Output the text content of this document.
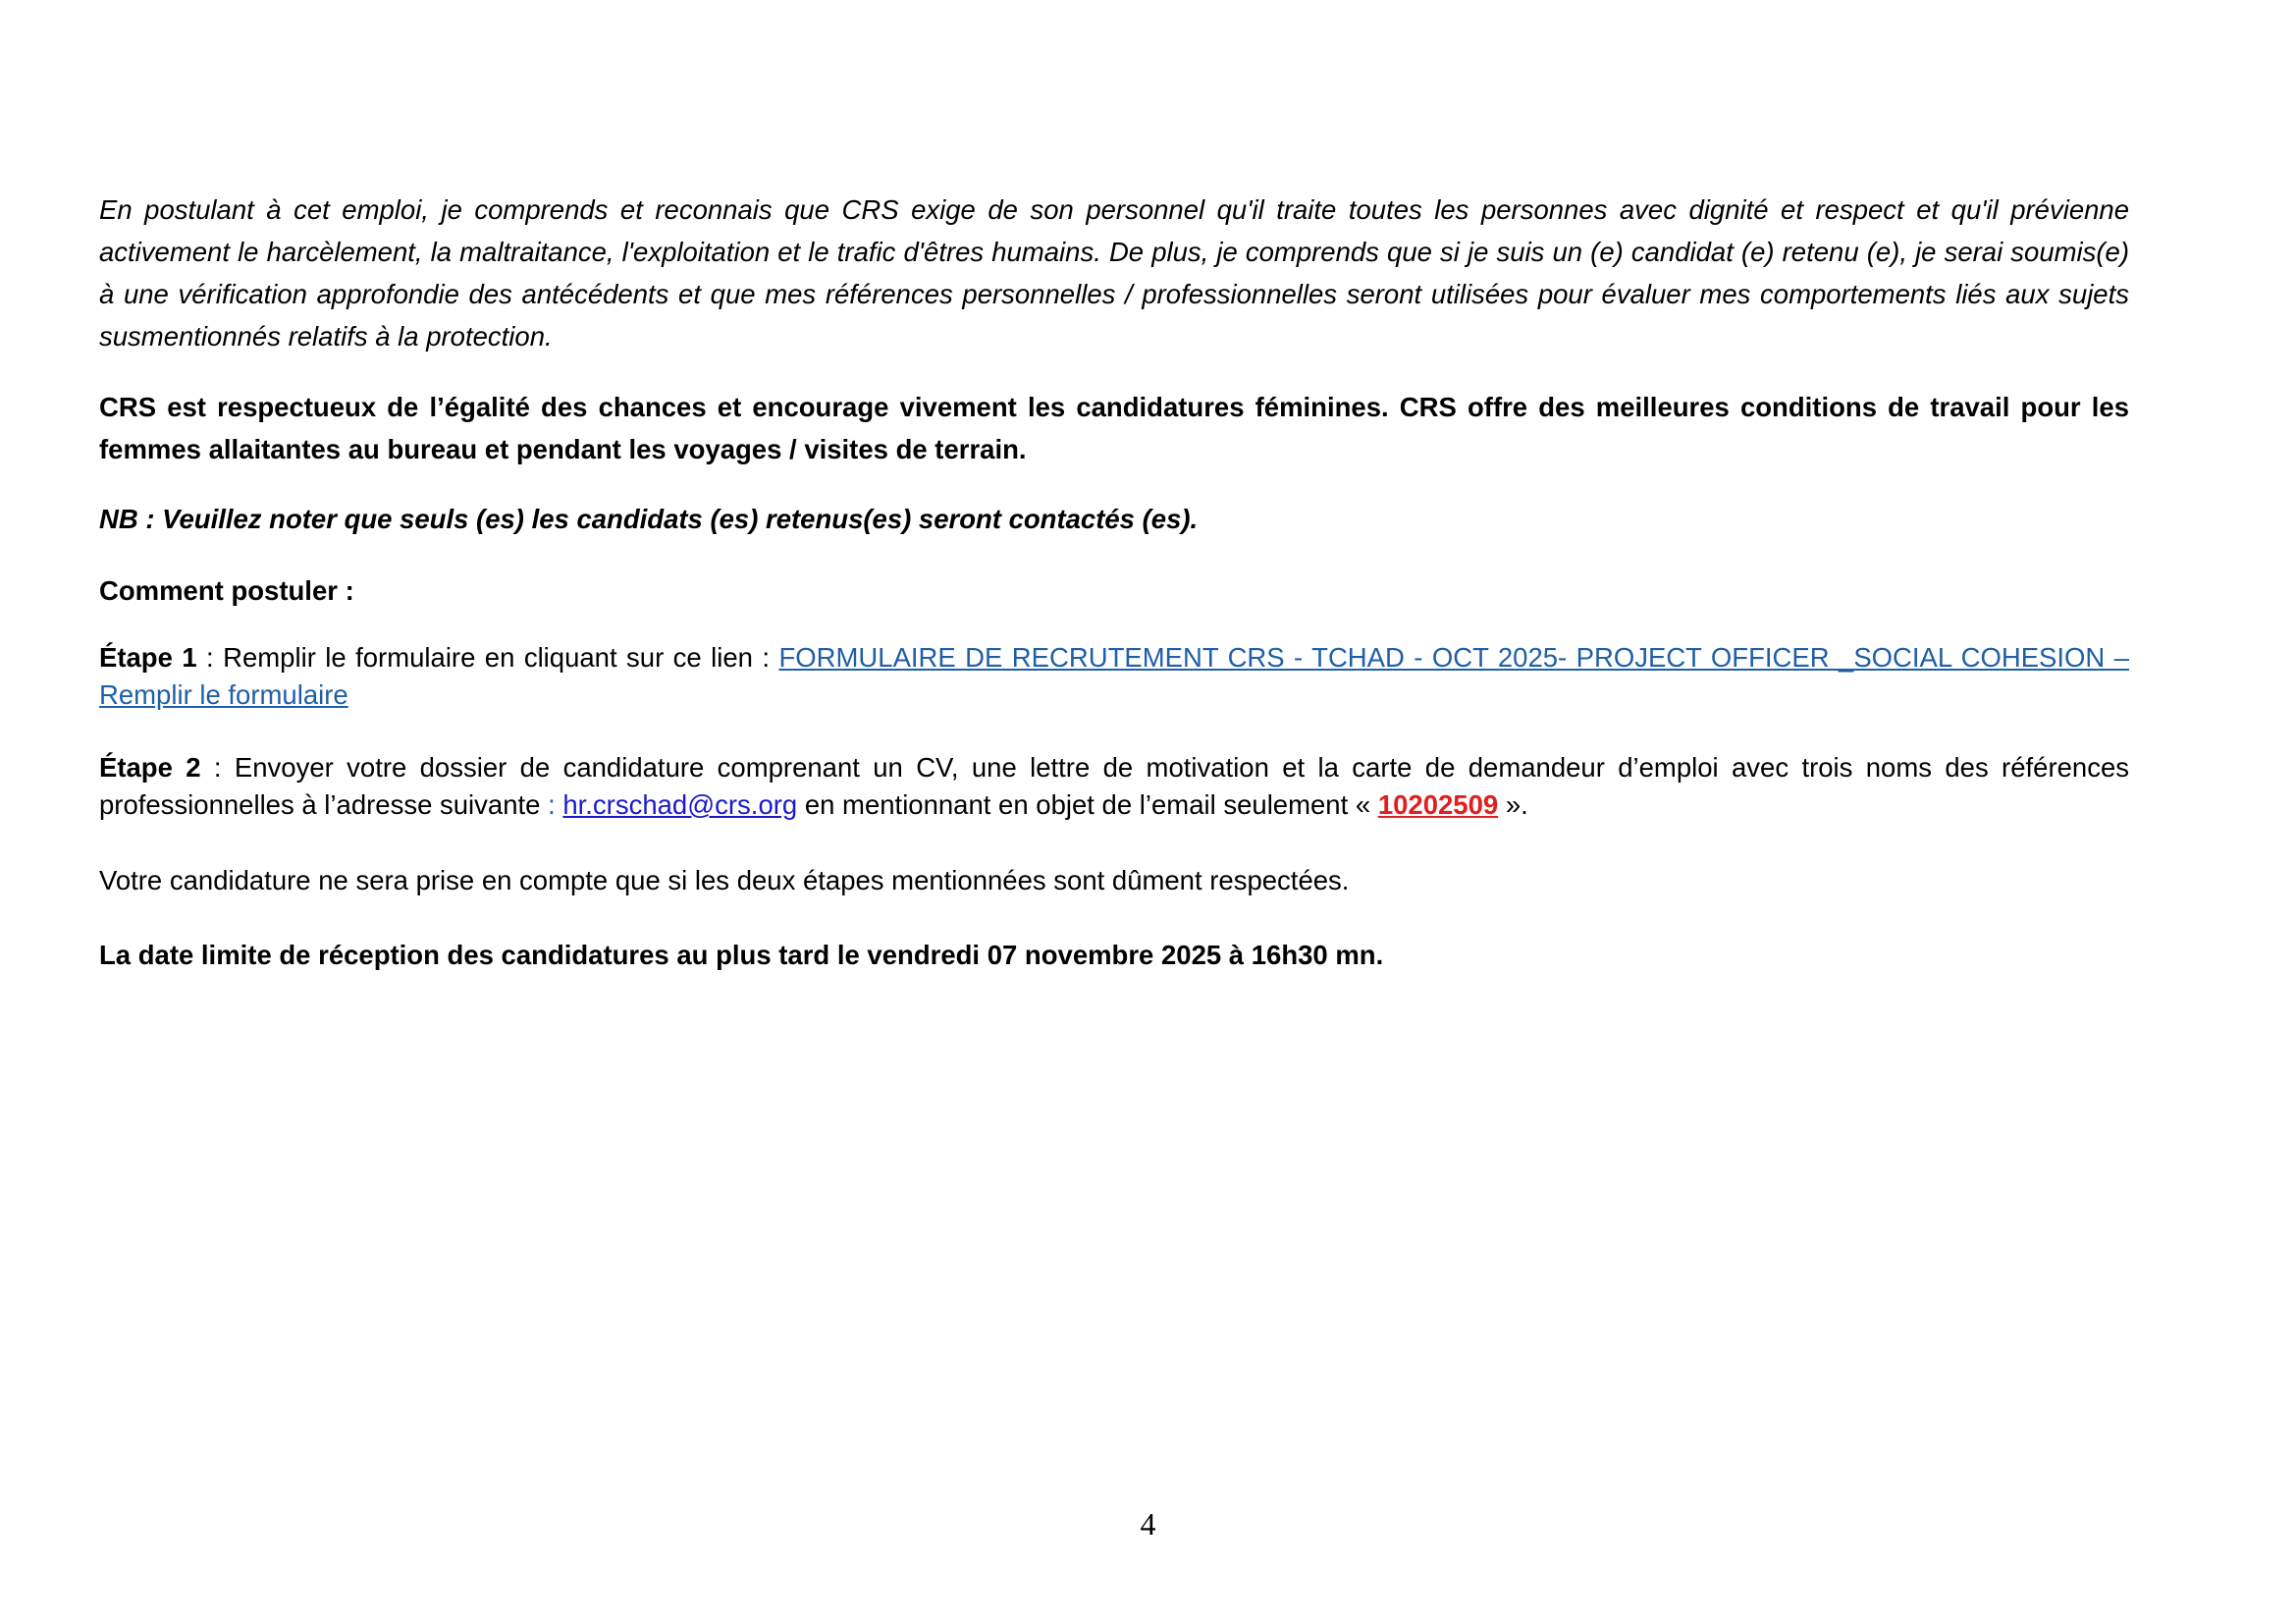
En postulant à cet emploi, je comprends et reconnais que CRS exige de son personnel qu'il traite toutes les personnes avec dignité et respect et qu'il prévienne activement le harcèlement, la maltraitance, l'exploitation et le trafic d'êtres humains. De plus, je comprends que si je suis un (e) candidat (e) retenu (e), je serai soumis(e) à une vérification approfondie des antécédents et que mes références personnelles / professionnelles seront utilisées pour évaluer mes comportements liés aux sujets susmentionnés relatifs à la protection.

CRS est respectueux de l’égalité des chances et encourage vivement les candidatures féminines. CRS offre des meilleures conditions de travail pour les femmes allaitantes au bureau et pendant les voyages / visites de terrain.

NB : Veuillez noter que seuls (es) les candidats (es) retenus(es) seront contactés (es).

Comment postuler :

Étape 1 : Remplir le formulaire en cliquant sur ce lien : FORMULAIRE DE RECRUTEMENT CRS - TCHAD - OCT 2025- PROJECT OFFICER _SOCIAL COHESION – Remplir le formulaire

Étape 2 : Envoyer votre dossier de candidature comprenant un CV, une lettre de motivation et la carte de demandeur d’emploi avec trois noms des références professionnelles à l’adresse suivante : hr.crschad@crs.org en mentionnant en objet de l’email seulement « 10202509 ».

Votre candidature ne sera prise en compte que si les deux étapes mentionnées sont dûment respectées.

La date limite de réception des candidatures au plus tard le vendredi 07 novembre 2025 à 16h30 mn.

4
